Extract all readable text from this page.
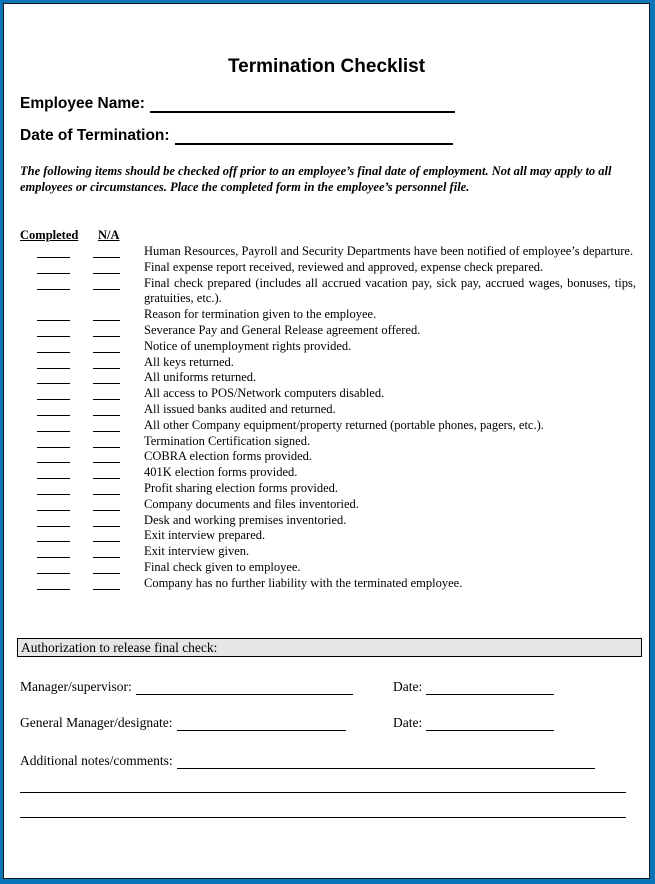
Termination Checklist
Employee Name:
Date of Termination:
The following items should be checked off prior to an employee’s final date of employment. Not all may apply to all employees or circumstances. Place the completed form in the employee’s personnel file.
Completed N/A
Human Resources, Payroll and Security Departments have been notified of employee’s departure.
Final expense report received, reviewed and approved, expense check prepared.
Final check prepared (includes all accrued vacation pay, sick pay, accrued wages, bonuses, tips, gratuities, etc.).
Reason for termination given to the employee.
Severance Pay and General Release agreement offered.
Notice of unemployment rights provided.
All keys returned.
All uniforms returned.
All access to POS/Network computers disabled.
All issued banks audited and returned.
All other Company equipment/property returned (portable phones, pagers, etc.).
Termination Certification signed.
COBRA election forms provided.
401K election forms provided.
Profit sharing election forms provided.
Company documents and files inventoried.
Desk and working premises inventoried.
Exit interview prepared.
Exit interview given.
Final check given to employee.
Company has no further liability with the terminated employee.
Authorization to release final check:
Manager/supervisor:	Date:
General Manager/designate:	Date:
Additional notes/comments:
